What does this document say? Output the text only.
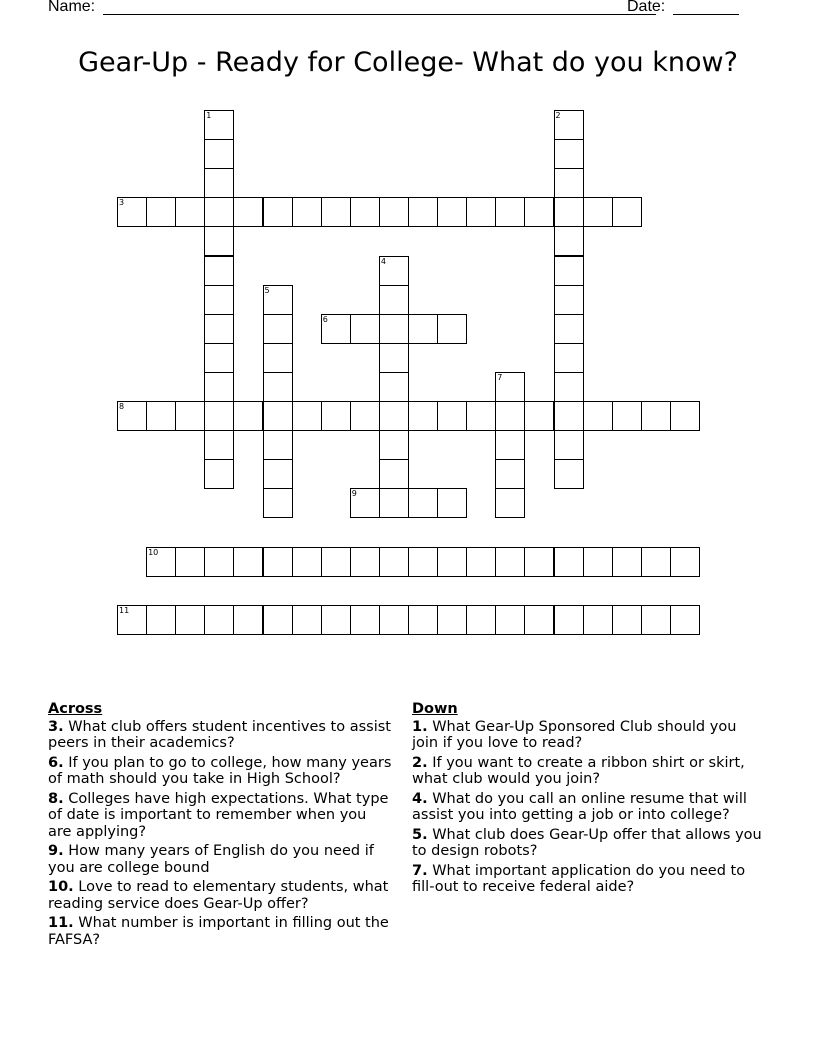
Name:	Date:
Gear-Up - Ready for College- What do you know?
1	2
3
4
5
6
7
8
9
10
11
Across
3. What club offers student incentives to assist peers in their academics?
6. If you plan to go to college, how many years of math should you take in High School?
8. Colleges have high expectations. What type of date is important to remember when you are applying?
9. How many years of English do you need if you are college bound
10. Love to read to elementary students, what reading service does Gear-Up offer?
11. What number is important in filling out the FAFSA?
Down
1. What Gear-Up Sponsored Club should you join if you love to read?
2. If you want to create a ribbon shirt or skirt, what club would you join?
4. What do you call an online resume that will assist you into getting a job or into college?
5. What club does Gear-Up offer that allows you to design robots?
7. What important application do you need to fill-out to receive federal aide?
